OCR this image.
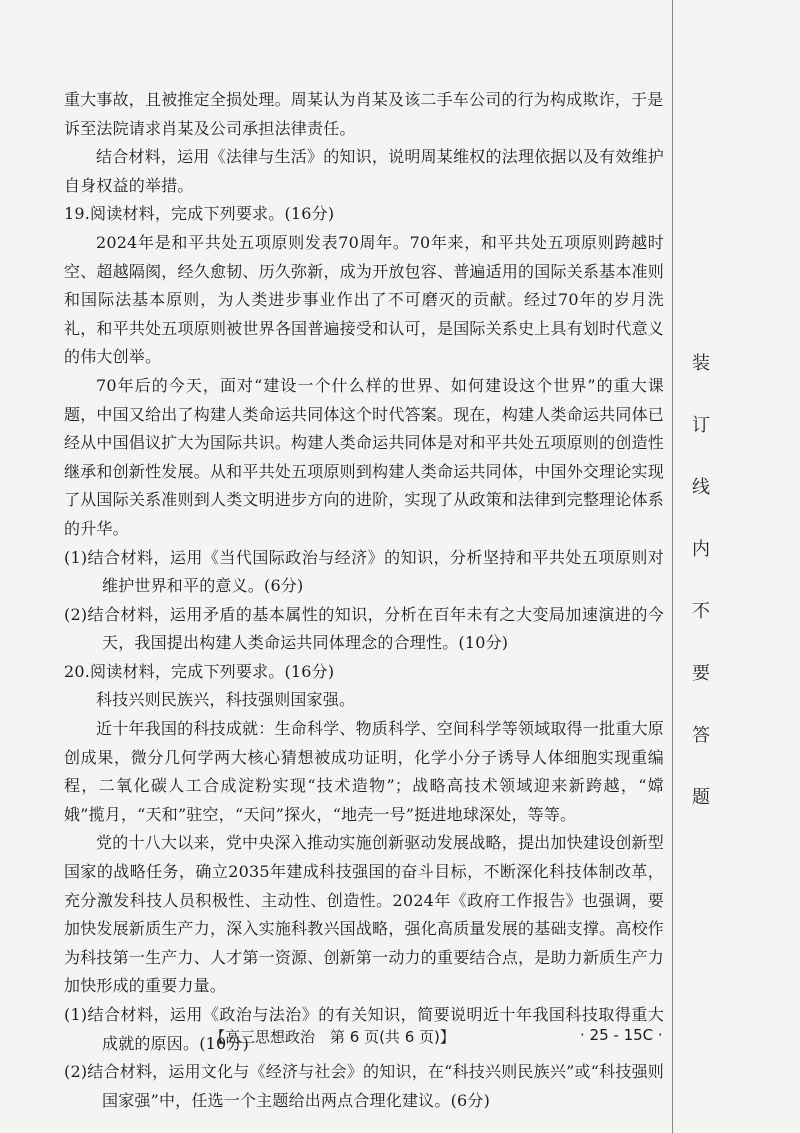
重大事故，且被推定全损处理。周某认为肖某及该二手车公司的行为构成欺诈，于是诉至法院请求肖某及公司承担法律责任。

结合材料，运用《法律与生活》的知识，说明周某维权的法理依据以及有效维护自身权益的举措。

19.阅读材料，完成下列要求。(16分)

2024年是和平共处五项原则发表70周年。70年来，和平共处五项原则跨越时空、超越隔阂，经久愈韧、历久弥新，成为开放包容、普遍适用的国际关系基本准则和国际法基本原则，为人类进步事业作出了不可磨灭的贡献。经过70年的岁月洗礼，和平共处五项原则被世界各国普遍接受和认可，是国际关系史上具有划时代意义的伟大创举。

70年后的今天，面对“建设一个什么样的世界、如何建设这个世界”的重大课题，中国又给出了构建人类命运共同体这个时代答案。现在，构建人类命运共同体已经从中国倡议扩大为国际共识。构建人类命运共同体是对和平共处五项原则的创造性继承和创新性发展。从和平共处五项原则到构建人类命运共同体，中国外交理论实现了从国际关系准则到人类文明进步方向的进阶，实现了从政策和法律到完整理论体系的升华。

(1)结合材料，运用《当代国际政治与经济》的知识，分析坚持和平共处五项原则对维护世界和平的意义。(6分)

(2)结合材料，运用矛盾的基本属性的知识，分析在百年未有之大变局加速演进的今天，我国提出构建人类命运共同体理念的合理性。(10分)

20.阅读材料，完成下列要求。(16分)

科技兴则民族兴，科技强则国家强。

近十年我国的科技成就：生命科学、物质科学、空间科学等领域取得一批重大原创成果，微分几何学两大核心猜想被成功证明，化学小分子诱导人体细胞实现重编程，二氧化碳人工合成淀粉实现“技术造物”；战略高技术领域迎来新跨越，“嫦娥”揽月，“天和”驻空，“天问”探火，“地壳一号”挺进地球深处，等等。

党的十八大以来，党中央深入推动实施创新驱动发展战略，提出加快建设创新型国家的战略任务，确立2035年建成科技强国的奋斗目标，不断深化科技体制改革，充分激发科技人员积极性、主动性、创造性。2024年《政府工作报告》也强调，要加快发展新质生产力，深入实施科教兴国战略，强化高质量发展的基础支撑。高校作为科技第一生产力、人才第一资源、创新第一动力的重要结合点，是助力新质生产力加快形成的重要力量。

(1)结合材料，运用《政治与法治》的有关知识，简要说明近十年我国科技取得重大成就的原因。(10分)

(2)结合材料，运用文化与《经济与社会》的知识，在“科技兴则民族兴”或“科技强则国家强”中，任选一个主题给出两点合理化建议。(6分)

装
订
线
内
不
要
答
题
【高三思想政治　第 6 页(共 6 页)】	· 25 - 15C ·
